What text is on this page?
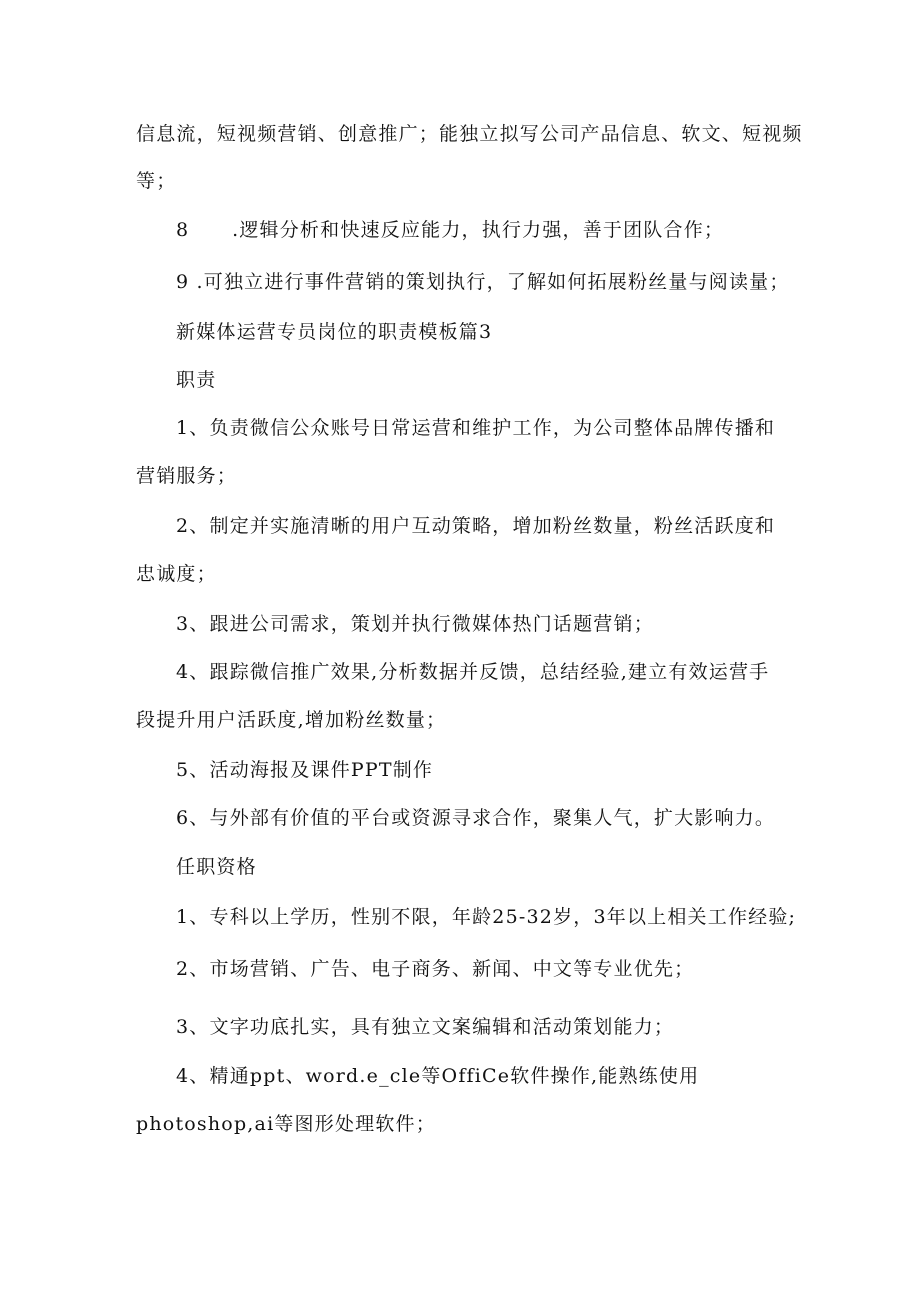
信息流，短视频营销、创意推广；能独立拟写公司产品信息、软文、短视频
等；
8 .逻辑分析和快速反应能力，执行力强，善于团队合作；
9 .可独立进行事件营销的策划执行，了解如何拓展粉丝量与阅读量；
新媒体运营专员岗位的职责模板篇3
职责
1、负责微信公众账号日常运营和维护工作，为公司整体品牌传播和
营销服务；
2、制定并实施清晰的用户互动策略，增加粉丝数量，粉丝活跃度和
忠诚度；
3、跟进公司需求，策划并执行微媒体热门话题营销；
4、跟踪微信推广效果,分析数据并反馈，总结经验,建立有效运营手
段提升用户活跃度,增加粉丝数量；
5、活动海报及课件PPT制作
6、与外部有价值的平台或资源寻求合作，聚集人气，扩大影响力。
任职资格
1、专科以上学历，性别不限，年龄25-32岁，3年以上相关工作经验;
2、市场营销、广告、电子商务、新闻、中文等专业优先；
3、文字功底扎实，具有独立文案编辑和活动策划能力；
4、精通ppt、word.e_cle等OffiCe软件操作,能熟练使用
photoshop,ai等图形处理软件；
